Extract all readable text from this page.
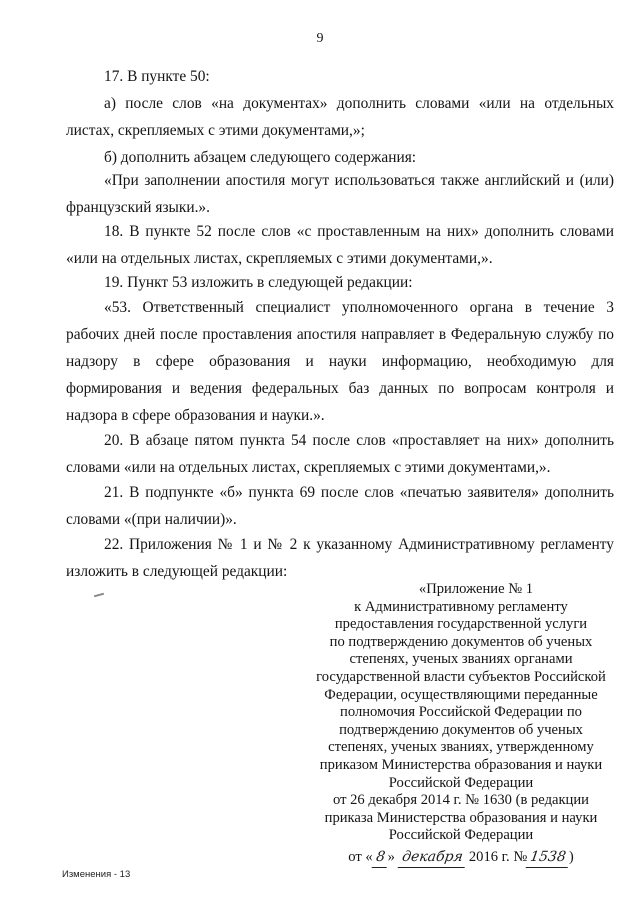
9
17. В пункте 50:
а) после слов «на документах» дополнить словами «или на отдельных листах, скрепляемых с этими документами,»;
б) дополнить абзацем следующего содержания:
«При заполнении апостиля могут использоваться также английский и (или) французский языки.».
18. В пункте 52 после слов «с проставленным на них» дополнить словами «или на отдельных листах, скрепляемых с этими документами,».
19. Пункт 53 изложить в следующей редакции:
«53. Ответственный специалист уполномоченного органа в течение 3 рабочих дней после проставления апостиля направляет в Федеральную службу по надзору в сфере образования и науки информацию, необходимую для формирования и ведения федеральных баз данных по вопросам контроля и надзора в сфере образования и науки.».
20. В абзаце пятом пункта 54 после слов «проставляет на них» дополнить словами «или на отдельных листах, скрепляемых с этими документами,».
21. В подпункте «б» пункта 69 после слов «печатью заявителя» дополнить словами «(при наличии)».
22. Приложения № 1 и № 2 к указанному Административному регламенту изложить в следующей редакции:
«Приложение № 1
к Административному регламенту
предоставления государственной услуги
по подтверждению документов об ученых
степенях, ученых званиях органами
государственной власти субъектов Российской
Федерации, осуществляющими переданные
полномочия Российской Федерации по
подтверждению документов об ученых
степенях, ученых званиях, утвержденному
приказом Министерства образования и науки
Российской Федерации
от 26 декабря 2014 г. № 1630 (в редакции
приказа Министерства образования и науки
Российской Федерации
от « 8 » декабря 2016 г. № 1538 )
Изменения - 13
